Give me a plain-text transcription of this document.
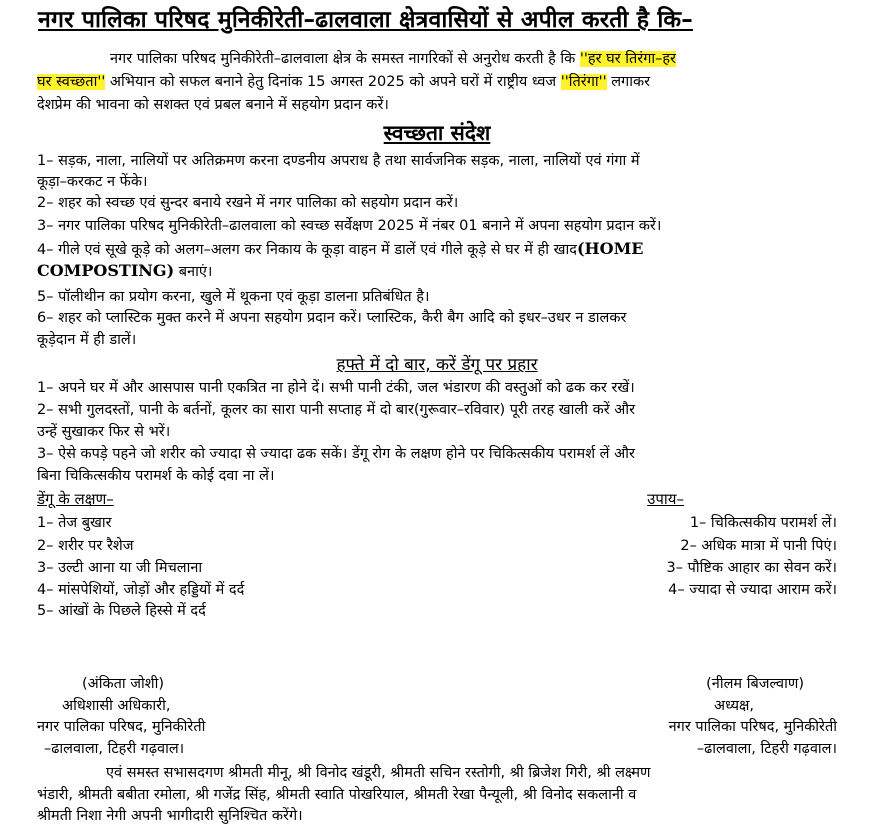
नगर पालिका परिषद मुनिकीरेती–ढालवाला क्षेत्रवासियों से अपील करती है कि–
नगर पालिका परिषद मुनिकीरेती–ढालवाला क्षेत्र के समस्त नागरिकों से अनुरोध करती है कि ''हर घर तिरंगा–हर
घर स्वच्छता'' अभियान को सफल बनाने हेतु दिनांक 15 अगस्त 2025 को अपने घरों में राष्ट्रीय ध्वज ''तिरंगा'' लगाकर
देशप्रेम की भावना को सशक्त एवं प्रबल बनाने में सहयोग प्रदान करें।
स्वच्छता संदेश
1– सड़क, नाला, नालियों पर अतिक्रमण करना दण्डनीय अपराध है तथा सार्वजनिक सड़क, नाला, नालियों एवं गंगा में
कूड़ा–करकट न फेंके।
2– शहर को स्वच्छ एवं सुन्दर बनाये रखने में नगर पालिका को सहयोग प्रदान करें।
3– नगर पालिका परिषद मुनिकीरेती–ढालवाला को स्वच्छ सर्वेक्षण 2025 में नंबर 01 बनाने में अपना सहयोग प्रदान करें।
4– गीले एवं सूखे कूड़े को अलग–अलग कर निकाय के कूड़ा वाहन में डालें एवं गीले कूड़े से घर में ही खाद(HOME
COMPOSTING) बनाएं।
5– पॉलीथीन का प्रयोग करना, खुले में थूकना एवं कूड़ा डालना प्रतिबंधित है।
6– शहर को प्लास्टिक मुक्त करने में अपना सहयोग प्रदान करें। प्लास्टिक, कैरी बैग आदि को इधर–उधर न डालकर
कूड़ेदान में ही डालें।
हफ्ते में दो बार, करें डेंगू पर प्रहार
1– अपने घर में और आसपास पानी एकत्रित ना होने दें। सभी पानी टंकी, जल भंडारण की वस्तुओं को ढक कर रखें।
2– सभी गुलदस्तों, पानी के बर्तनों, कूलर का सारा पानी सप्ताह में दो बार(गुरूवार–रविवार) पूरी तरह खाली करें और
उन्हें सुखाकर फिर से भरें।
3– ऐसे कपड़े पहने जो शरीर को ज्यादा से ज्यादा ढक सकें। डेंगू रोग के लक्षण होने पर चिकित्सकीय परामर्श लें और
बिना चिकित्सकीय परामर्श के कोई दवा ना लें।
डेंगू के लक्षण–	उपाय–
1– तेज बुखार
2– शरीर पर रैशेज
3– उल्टी आना या जी मिचलाना
4– मांसपेशियों, जोड़ों और हड्डियों में दर्द
5– आंखों के पिछले हिस्से में दर्द
1– चिकित्सकीय परामर्श लें।
2– अधिक मात्रा में पानी पिएं।
3– पौष्टिक आहार का सेवन करें।
4– ज्यादा से ज्यादा आराम करें।
(अंकिता जोशी)
अधिशासी अधिकारी,
नगर पालिका परिषद, मुनिकीरेती
–ढालवाला, टिहरी गढ़वाल।
(नीलम बिजल्वाण)
अध्यक्ष,
नगर पालिका परिषद, मुनिकीरेती
–ढालवाला, टिहरी गढ़वाल।
एवं समस्त सभासदगण श्रीमती मीनू, श्री विनोद खंडूरी, श्रीमती सचिन रस्तोगी, श्री ब्रिजेश गिरी, श्री लक्ष्मण
भंडारी, श्रीमती बबीता रमोला, श्री गजेंद्र सिंह, श्रीमती स्वाति पोखरियाल, श्रीमती रेखा पैन्यूली, श्री विनोद सकलानी व
श्रीमती निशा नेगी अपनी भागीदारी सुनिश्चित करेंगे।
